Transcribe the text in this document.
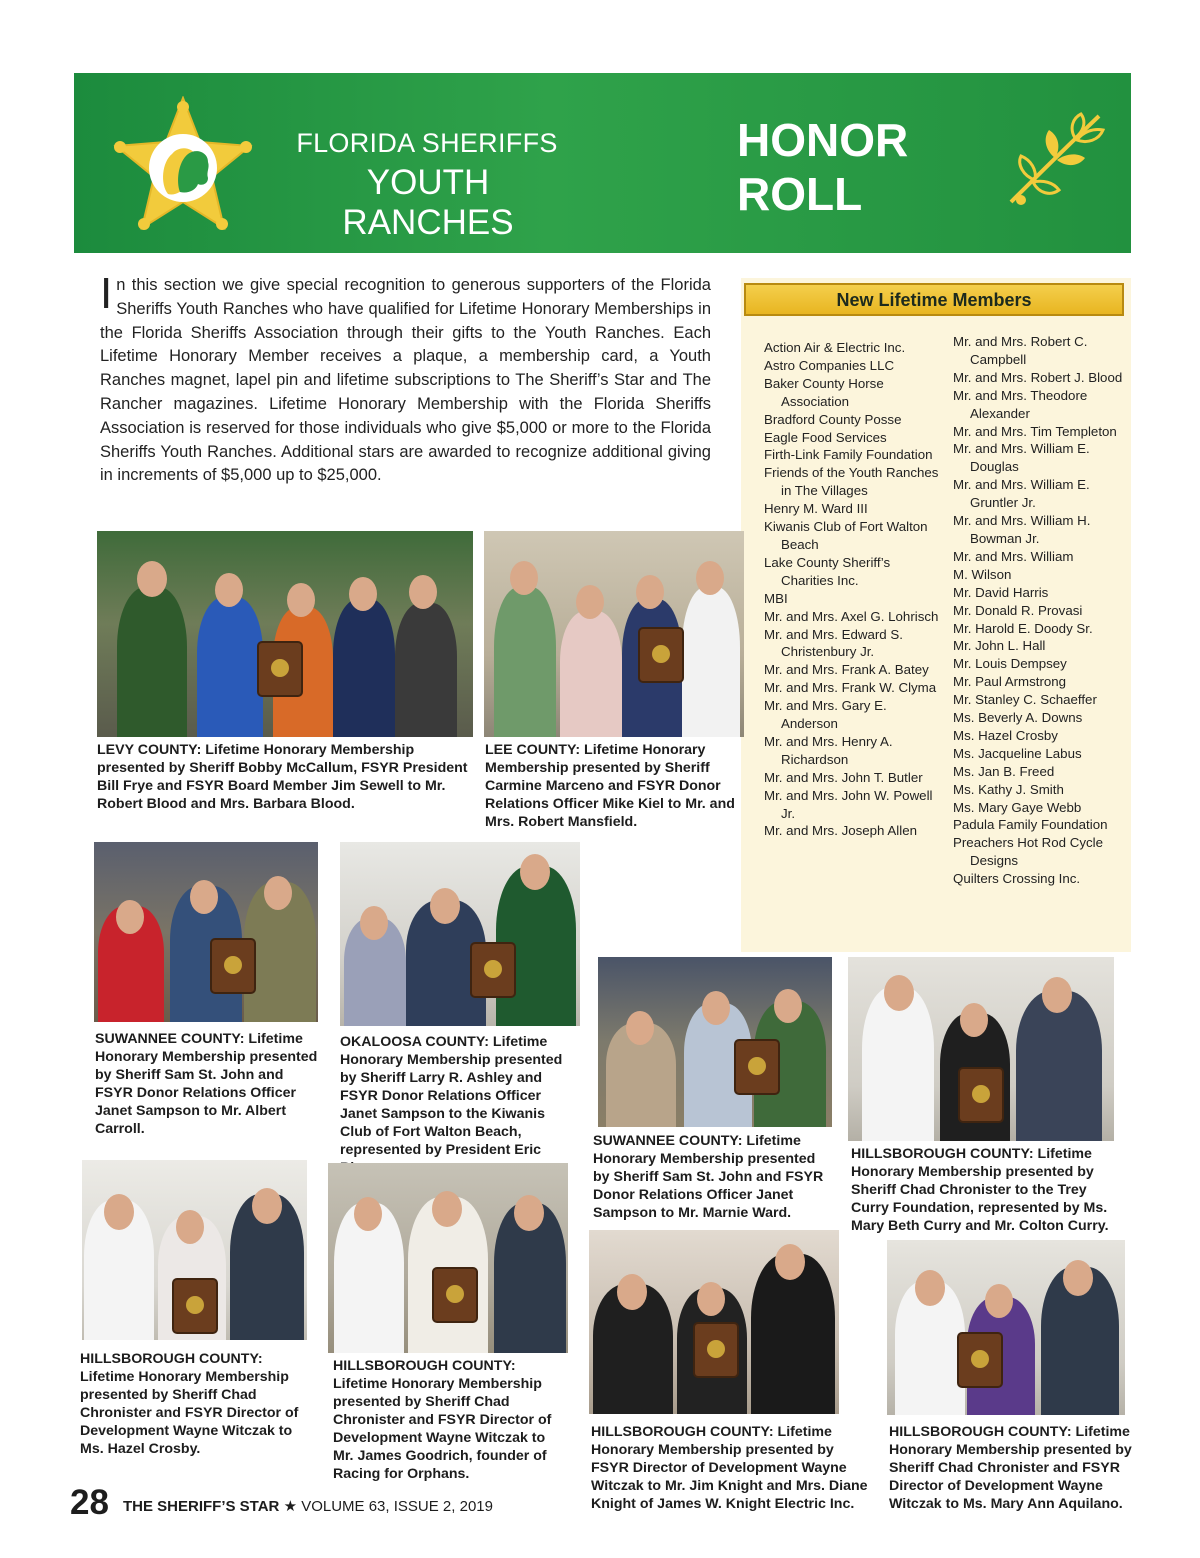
FLORIDA SHERIFFS
YOUTH RANCHES
HONOR
ROLL
In this section we give special recognition to generous supporters of the Florida Sheriffs Youth Ranches who have qualified for Lifetime Honorary Memberships in the Florida Sheriffs Association through their gifts to the Youth Ranches. Each Lifetime Honorary Member receives a plaque, a membership card, a Youth Ranches magnet, lapel pin and lifetime subscriptions to The Sheriff’s Star and The Rancher magazines. Lifetime Honorary Membership with the Florida Sheriffs Association is reserved for those individuals who give $5,000 or more to the Florida Sheriffs Youth Ranches. Additional stars are awarded to recognize additional giving in increments of $5,000 up to $25,000.
New Lifetime Members
Action Air & Electric Inc.
Astro Companies LLC
Baker County Horse Association
Bradford County Posse
Eagle Food Services
Firth-Link Family Foundation
Friends of the Youth Ranches in The Villages
Henry M. Ward III
Kiwanis Club of Fort Walton Beach
Lake County Sheriff’s Charities Inc.
MBI
Mr. and Mrs. Axel G. Lohrisch
Mr. and Mrs. Edward S. Christenbury Jr.
Mr. and Mrs. Frank A. Batey
Mr. and Mrs. Frank W. Clyma
Mr. and Mrs. Gary E. Anderson
Mr. and Mrs. Henry A. Richardson
Mr. and Mrs. John T. Butler
Mr. and Mrs. John W. Powell Jr.
Mr. and Mrs. Joseph Allen
Mr. and Mrs. Robert C. Campbell
Mr. and Mrs. Robert J. Blood
Mr. and Mrs. Theodore Alexander
Mr. and Mrs. Tim Templeton
Mr. and Mrs. William E. Douglas
Mr. and Mrs. William E. Gruntler Jr.
Mr. and Mrs. William H. Bowman Jr.
Mr. and Mrs. William
M. Wilson
Mr. David Harris
Mr. Donald R. Provasi
Mr. Harold E. Doody Sr.
Mr. John L. Hall
Mr. Louis Dempsey
Mr. Paul Armstrong
Mr. Stanley C. Schaeffer
Ms. Beverly A. Downs
Ms. Hazel Crosby
Ms. Jacqueline Labus
Ms. Jan B. Freed
Ms. Kathy J. Smith
Ms. Mary Gaye Webb
Padula Family Foundation
Preachers Hot Rod Cycle Designs
Quilters Crossing Inc.
LEVY COUNTY: Lifetime Honorary Membership presented by Sheriff Bobby McCallum, FSYR President Bill Frye and FSYR Board Member Jim Sewell to Mr. Robert Blood and Mrs. Barbara Blood.
LEE COUNTY: Lifetime Honorary Membership presented by Sheriff Carmine Marceno and FSYR Donor Relations Officer Mike Kiel to Mr. and Mrs. Robert Mansfield.
SUWANNEE COUNTY: Lifetime Honorary Membership presented by Sheriff Sam St. John and FSYR Donor Relations Officer Janet Sampson to Mr. Albert Carroll.
OKALOOSA COUNTY: Lifetime Honorary Membership presented by Sheriff Larry R. Ashley and FSYR Donor Relations Officer Janet Sampson to the Kiwanis Club of Fort Walton Beach, represented by President Eric
SUWANNEE COUNTY: Lifetime Honorary Membership presented by Sheriff Sam St. John and FSYR Donor Relations Officer Janet Sampson to Mr. Marnie Ward.
HILLSBOROUGH COUNTY: Lifetime Honorary Membership presented by Sheriff Chad Chronister to the Trey Curry Foundation, represented by Ms. Mary Beth Curry and Mr. Colton Curry.
HILLSBOROUGH COUNTY: Lifetime Honorary Membership presented by Sheriff Chad Chronister and FSYR Director of Development Wayne Witczak to Ms. Hazel Crosby.
HILLSBOROUGH COUNTY: Lifetime Honorary Membership presented by Sheriff Chad Chronister and FSYR Director of Development Wayne Witczak to Mr. James Goodrich, founder of Racing for Orphans.
HILLSBOROUGH COUNTY: Lifetime Honorary Membership presented by FSYR Director of Development Wayne Witczak to Mr. Jim Knight and Mrs. Diane Knight of James W. Knight Electric Inc.
HILLSBOROUGH COUNTY: Lifetime Honorary Membership presented by Sheriff Chad Chronister and FSYR Director of Development Wayne Witczak to Ms. Mary Ann Aquilano.
28 THE SHERIFF’S STAR ★ VOLUME 63, ISSUE 2, 2019
